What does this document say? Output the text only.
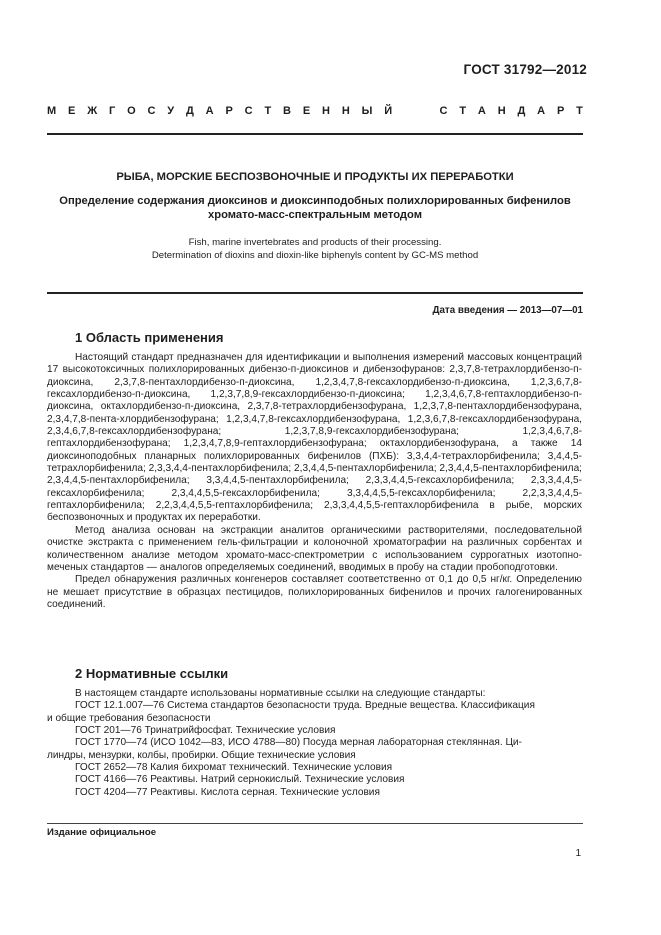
ГОСТ 31792—2012
М Е Ж Г О С У Д А Р С Т В Е Н Н Ы Й	С Т А Н Д А Р Т
РЫБА, МОРСКИЕ БЕСПОЗВОНОЧНЫЕ И ПРОДУКТЫ ИХ ПЕРЕРАБОТКИ
Определение содержания диоксинов и диоксинподобных полихлорированных бифенилов
хромато-масс-спектральным методом
Fish, marine invertebrates and products of their processing.
Determination of dioxins and dioxin-like biphenyls content by GC-MS method
Дата введения — 2013—07—01
1 Область применения

Настоящий стандарт предназначен для идентификации и выполнения измерений массовых концентраций 17 высокотоксичных полихлорированных дибензо-п-диоксинов и дибензофуранов: 2,3,7,8-тетрахлордибензо-п-диоксина, 2,3,7,8-пентахлордибензо-п-диоксина, 1,2,3,4,7,8-гексахлордибензо-п-диоксина, 1,2,3,6,7,8-гексахлордибензо-п-диоксина, 1,2,3,7,8,9-гексахлордибензо-п-диоксина; 1,2,3,4,6,7,8-гептахлордибензо-п-диоксина, октахлордибензо-п-диоксина, 2,3,7,8-тетрахлордибензофурана, 1,2,3,7,8-пентахлордибензофурана, 2,3,4,7,8-пента-хлордибензофурана; 1,2,3,4,7,8-гексахлордибензофурана, 1,2,3,6,7,8-гексахлордибензофурана, 2,3,4,6,7,8-гексахлордибензофурана; 1,2,3,7,8,9-гексахлордибензофурана; 1,2,3,4,6,7,8-гептахлордибензофурана; 1,2,3,4,7,8,9-гептахлордибензофурана; октахлордибензофурана, а также 14 диоксиноподобных планарных полихлорированных бифенилов (ПХБ): 3,3,4,4-тетрахлорбифенила; 3,4,4,5-тетрахлорбифенила; 2,3,3,4,4-пентахлорбифенила; 2,3,4,4,5-пентахлорбифенила; 2,3,4,4,5-пентахлорбифенила; 2,3,4,4,5-пентахлорбифенила; 3,3,4,4,5-пентахлорбифенила; 2,3,3,4,4,5-гексахлорбифенила; 2,3,3,4,4,5-гексахлорбифенила; 2,3,4,4,5,5-гексахлорбифенила; 3,3,4,4,5,5-гексахлорбифенила; 2,2,3,3,4,4,5-гептахлорбифенила; 2,2,3,4,4,5,5-гептахлорбифенила; 2,3,3,4,4,5,5-гептахлорбифенила в рыбе, морских беспозвоночных и продуктах их переработки.

Метод анализа основан на экстракции аналитов органическими растворителями, последовательной очистке экстракта с применением гель-фильтрации и колоночной хроматографии на различных сорбентах и количественном анализе методом хромато-масс-спектрометрии с использованием суррогатных изотопно-меченых стандартов — аналогов определяемых соединений, вводимых в пробу на стадии пробоподготовки.

Предел обнаружения различных конгенеров составляет соответственно от 0,1 до 0,5 нг/кг. Определению не мешает присутствие в образцах пестицидов, полихлорированных бифенилов и прочих галогенированных соединений.

2 Нормативные ссылки
В настоящем стандарте использованы нормативные ссылки на следующие стандарты:
ГОСТ 12.1.007—76 Система стандартов безопасности труда. Вредные вещества. Классификация
и общие требования безопасности
ГОСТ 201—76 Тринатрийфосфат. Технические условия
ГОСТ 1770—74 (ИСО 1042—83, ИСО 4788—80) Посуда мерная лабораторная стеклянная. Ци-
линдры, мензурки, колбы, пробирки. Общие технические условия
ГОСТ 2652—78 Калия бихромат технический. Технические условия
ГОСТ 4166—76 Реактивы. Натрий сернокислый. Технические условия
ГОСТ 4204—77 Реактивы. Кислота серная. Технические условия
Издание официальное
1
